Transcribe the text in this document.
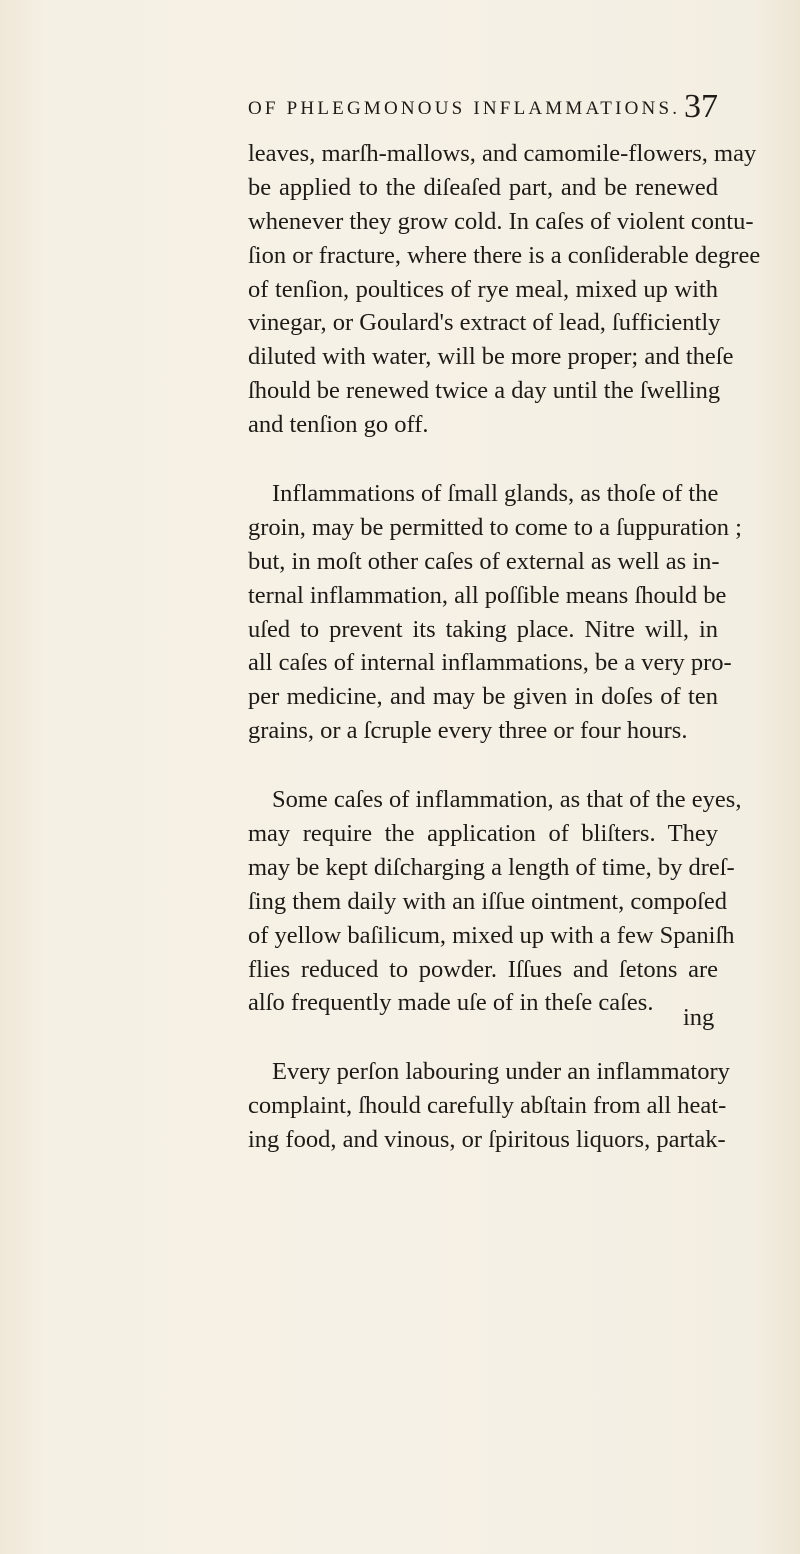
OF PHLEGMONOUS INFLAMMATIONS. 37

leaves, marſh-mallows, and camomile-flowers, may
be applied to the diſeaſed part, and be renewed
whenever they grow cold. In caſes of violent contu-
ſion or fracture, where there is a conſiderable degree
of tenſion, poultices of rye meal, mixed up with
vinegar, or Goulard's extract of lead, ſufficiently
diluted with water, will be more proper; and theſe
ſhould be renewed twice a day until the ſwelling
and tenſion go off.

Inflammations of ſmall glands, as thoſe of the
groin, may be permitted to come to a ſuppuration ;
but, in moſt other caſes of external as well as in-
ternal inflammation, all poſſible means ſhould be
uſed to prevent its taking place. Nitre will, in
all caſes of internal inflammations, be a very pro-
per medicine, and may be given in doſes of ten
grains, or a ſcruple every three or four hours.

Some caſes of inflammation, as that of the eyes,
may require the application of bliſters. They
may be kept diſcharging a length of time, by dreſ-
ſing them daily with an iſſue ointment, compoſed
of yellow baſilicum, mixed up with a few Spaniſh
flies reduced to powder. Iſſues and ſetons are
alſo frequently made uſe of in theſe caſes.

Every perſon labouring under an inflammatory
complaint, ſhould carefully abſtain from all heat-
ing food, and vinous, or ſpiritous liquors, partak-

ing
